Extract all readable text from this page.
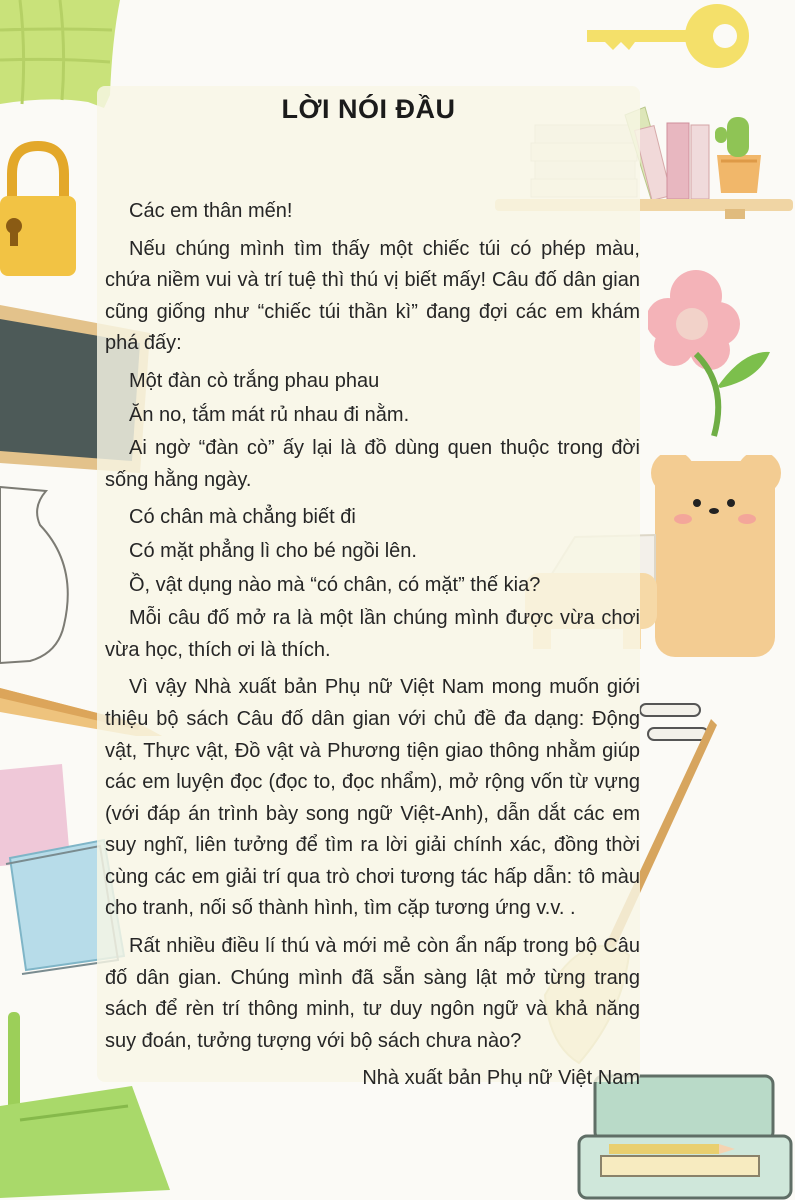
LỜI NÓI ĐẦU

Các em thân mến!

Nếu chúng mình tìm thấy một chiếc túi có phép màu, chứa niềm vui và trí tuệ thì thú vị biết mấy! Câu đố dân gian cũng giống như “chiếc túi thần kì” đang đợi các em khám phá đấy:

Một đàn cò trắng phau phau

Ăn no, tắm mát rủ nhau đi nằm.

Ai ngờ “đàn cò” ấy lại là đồ dùng quen thuộc trong đời sống hằng ngày.

Có chân mà chẳng biết đi

Có mặt phẳng lì cho bé ngồi lên.

Ồ, vật dụng nào mà “có chân, có mặt” thế kia?

Mỗi câu đố mở ra là một lần chúng mình được vừa chơi vừa học, thích ơi là thích.

Vì vậy Nhà xuất bản Phụ nữ Việt Nam mong muốn giới thiệu bộ sách Câu đố dân gian với chủ đề đa dạng: Động vật, Thực vật, Đồ vật và Phương tiện giao thông nhằm giúp các em luyện đọc (đọc to, đọc nhẩm), mở rộng vốn từ vựng (với đáp án trình bày song ngữ Việt-Anh), dẫn dắt các em suy nghĩ, liên tưởng để tìm ra lời giải chính xác, đồng thời cùng các em giải trí qua trò chơi tương tác hấp dẫn: tô màu cho tranh, nối số thành hình, tìm cặp tương ứng v.v. .

Rất nhiều điều lí thú và mới mẻ còn ẩn nấp trong bộ Câu đố dân gian. Chúng mình đã sẵn sàng lật mở từng trang sách để rèn trí thông minh, tư duy ngôn ngữ và khả năng suy đoán, tưởng tượng với bộ sách chưa nào?

Nhà xuất bản Phụ nữ Việt Nam
